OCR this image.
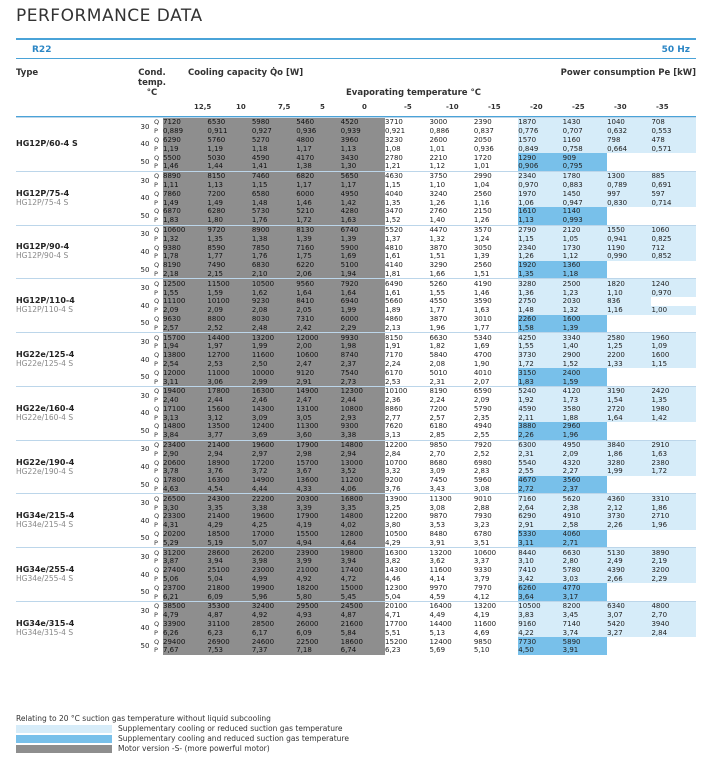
PERFORMANCE DATA
R22	50 Hz
Type	Cond. temp.
°C
Cooling capacity Q̇o [W]	Power consumption Pe [kW]
Evaporating temperature °C
12,5	10	7,5	5	0	-5	-10	-15	-20	-25	-30	-35
HG12P/60-4 S	30	Q	7120	6530	5980	5460	4520	3710	3000	2390	1870	1430	1040	708
		P	0,889	0,911	0,927	0,936	0,939	0,921	0,886	0,837	0,776	0,707	0,632	0,553
	40	Q	6290	5760	5270	4800	3960	3230	2600	2050	1570	1160	798	478
		P	1,19	1,19	1,18	1,17	1,13	1,08	1,01	0,936	0,849	0,758	0,664	0,571
	50	Q	5500	5030	4590	4170	3430	2780	2210	1720	1290	909		
		P	1,46	1,44	1,41	1,38	1,30	1,21	1,12	1,01	0,906	0,795		
HG12P/75-4
HG12P/75-4 S	30	Q	8890	8150	7460	6820	5650	4630	3750	2990	2340	1780	1300	885
		P	1,11	1,13	1,15	1,17	1,17	1,15	1,10	1,04	0,970	0,883	0,789	0,691
	40	Q	7860	7200	6580	6000	4950	4040	3240	2560	1970	1450	997	597
		P	1,49	1,49	1,48	1,46	1,42	1,35	1,26	1,16	1,06	0,947	0,830	0,714
	50	Q	6870	6280	5730	5210	4280	3470	2760	2150	1610	1140		
		P	1,83	1,80	1,76	1,72	1,63	1,52	1,40	1,26	1,13	0,993		
HG12P/90-4
HG12P/90-4 S	30	Q	10600	9720	8900	8130	6740	5520	4470	3570	2790	2120	1550	1060
		P	1,32	1,35	1,38	1,39	1,39	1,37	1,32	1,24	1,15	1,05	0,941	0,825
	40	Q	9380	8590	7850	7160	5900	4810	3870	3050	2340	1730	1190	712
		P	1,78	1,77	1,76	1,75	1,69	1,61	1,51	1,39	1,26	1,12	0,990	0,852
	50	Q	8190	7490	6830	6220	5100	4140	3290	2560	1920	1360		
		P	2,18	2,15	2,10	2,06	1,94	1,81	1,66	1,51	1,35	1,18		
HG12P/110-4
HG12P/110-4 S	30	Q	12500	11500	10500	9560	7920	6490	5260	4190	3280	2500	1820	1240
		P	1,55	1,59	1,62	1,64	1,64	1,61	1,55	1,46	1,36	1,23	1,10	0,970
	40	Q	11100	10100	9230	8410	6940	5660	4550	3590	2750	2030	836	
		P	2,09	2,09	2,08	2,05	1,99	1,89	1,77	1,63	1,48	1,32	1,16	1,00
	50	Q	9630	8800	8030	7310	6000	4860	3870	3010	2260	1600		
		P	2,57	2,52	2,48	2,42	2,29	2,13	1,96	1,77	1,58	1,39		
HG22e/125-4
HG22e/125-4 S	30	Q	15700	14400	13200	12000	9930	8150	6630	5340	4250	3340	2580	1960
		P	1,94	1,97	1,99	2,00	1,98	1,91	1,82	1,69	1,55	1,40	1,25	1,09
	40	Q	13800	12700	11600	10600	8740	7170	5840	4700	3730	2900	2200	1600
		P	2,54	2,53	2,50	2,47	2,37	2,24	2,08	1,90	1,72	1,52	1,33	1,15
	50	Q	12000	11000	10000	9120	7540	6170	5010	4010	3150	2400		
		P	3,11	3,06	2,99	2,91	2,73	2,53	2,31	2,07	1,83	1,59		
HG22e/160-4
HG22e/160-4 S	30	Q	19400	17800	16300	14900	12300	10100	8190	6590	5240	4120	3190	2420
		P	2,40	2,44	2,46	2,47	2,44	2,36	2,24	2,09	1,92	1,73	1,54	1,35
	40	Q	17100	15600	14300	13100	10800	8860	7200	5790	4590	3580	2720	1980
		P	3,13	3,12	3,09	3,05	2,93	2,77	2,57	2,35	2,11	1,88	1,64	1,42
	50	Q	14800	13500	12400	11300	9300	7620	6180	4940	3880	2960		
		P	3,84	3,77	3,69	3,60	3,38	3,13	2,85	2,55	2,26	1,96		
HG22e/190-4
HG22e/190-4 S	30	Q	23400	21400	19600	17900	14800	12200	9850	7920	6300	4950	3840	2910
		P	2,90	2,94	2,97	2,98	2,94	2,84	2,70	2,52	2,31	2,09	1,86	1,63
	40	Q	20600	18900	17200	15700	13000	10700	8680	6980	5540	4320	3280	2380
		P	3,78	3,76	3,72	3,67	3,52	3,32	3,09	2,83	2,55	2,27	1,99	1,72
	50	Q	17800	16300	14900	13600	11200	9200	7450	5960	4670	3560		
		P	4,63	4,54	4,44	4,33	4,06	3,76	3,43	3,08	2,72	2,37		
HG34e/215-4
HG34e/215-4 S	30	Q	26500	24300	22200	20300	16800	13900	11300	9010	7160	5620	4360	3310
		P	3,30	3,35	3,38	3,39	3,35	3,25	3,08	2,88	2,64	2,38	2,12	1,86
	40	Q	23300	21400	19600	17900	14800	12200	9870	7930	6290	4910	3730	2710
		P	4,31	4,29	4,25	4,19	4,02	3,80	3,53	3,23	2,91	2,58	2,26	1,96
	50	Q	20200	18500	17000	15500	12800	10500	8480	6780	5330	4060		
		P	5,29	5,19	5,07	4,94	4,64	4,29	3,91	3,51	3,11	2,71		
HG34e/255-4
HG34e/255-4 S	30	Q	31200	28600	26200	23900	19800	16300	13200	10600	8440	6630	5130	3890
		P	3,87	3,94	3,98	3,99	3,94	3,82	3,62	3,37	3,10	2,80	2,49	2,19
	40	Q	27400	25100	23000	21000	17400	14300	11600	9330	7410	5780	4390	3200
		P	5,06	5,04	4,99	4,92	4,72	4,46	4,14	3,79	3,42	3,03	2,66	2,29
	50	Q	23700	21800	19900	18200	15000	12300	9970	7970	6260	4770		
		P	6,21	6,09	5,96	5,80	5,45	5,04	4,59	4,12	3,64	3,17		
HG34e/315-4
HG34e/315-4 S	30	Q	38500	35300	32400	29500	24500	20100	16400	13200	10500	8200	6340	4800
		P	4,79	4,87	4,92	4,93	4,87	4,71	4,49	4,19	3,83	3,45	3,07	2,70
	40	Q	33900	31100	28500	26000	21600	17700	14400	11600	9160	7140	5420	3940
		P	6,26	6,23	6,17	6,09	5,84	5,51	5,13	4,69	4,22	3,74	3,27	2,84
	50	Q	29400	26900	24600	22500	18600	15200	12400	9850	7730	5890		
		P	7,67	7,53	7,37	7,18	6,74	6,23	5,69	5,10	4,50	3,91		
Relating to 20 °C suction gas temperature without liquid subcooling
Supplementary cooling or reduced suction gas temperature
Supplementary cooling and reduced suction gas temperature
Motor version -S- (more powerful motor)
